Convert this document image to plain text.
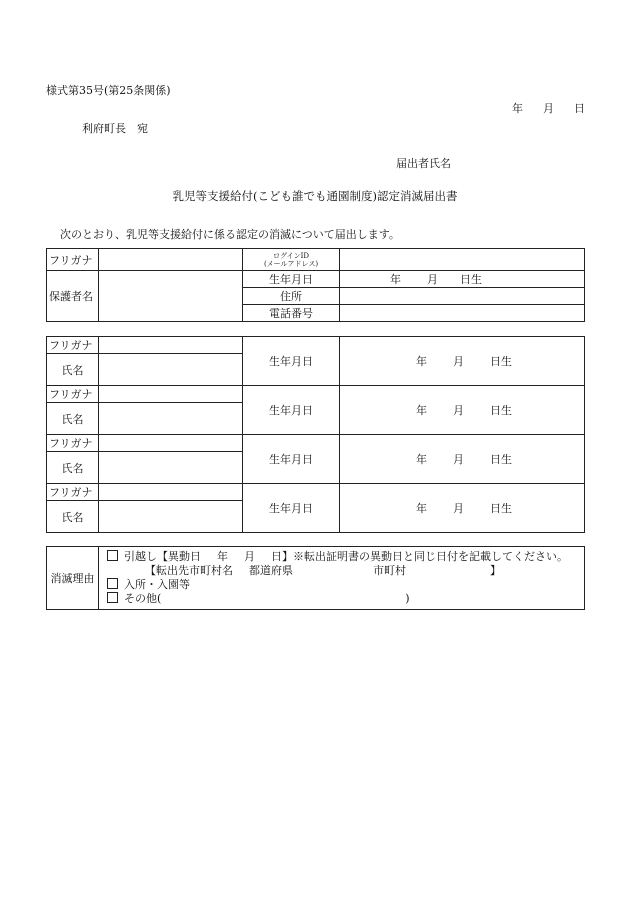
様式第35号(第25条関係)
年 月 日
利府町長　宛
届出者氏名
乳児等支援給付(こども誰でも通園制度)認定消滅届出書
次のとおり、乳児等支援給付に係る認定の消滅について届出します。
フリガナ		ログインID
(メールアドレス)	

保護者名		生年月日	年 月 日生

		住所	
		電話番号	
フリガナ		生年月日	年 月 日生

氏名			
フリガナ		生年月日	年 月 日生

氏名			
フリガナ		生年月日	年 月 日生

氏名			
フリガナ		生年月日	年 月 日生

氏名			
消滅理由	
引越し【異動日 年 月 日】※転出証明書の異動日と同じ日付を記載してください。
【転出先市町村名 都道府県	市町村	】
入所・入園等
その他(	)
